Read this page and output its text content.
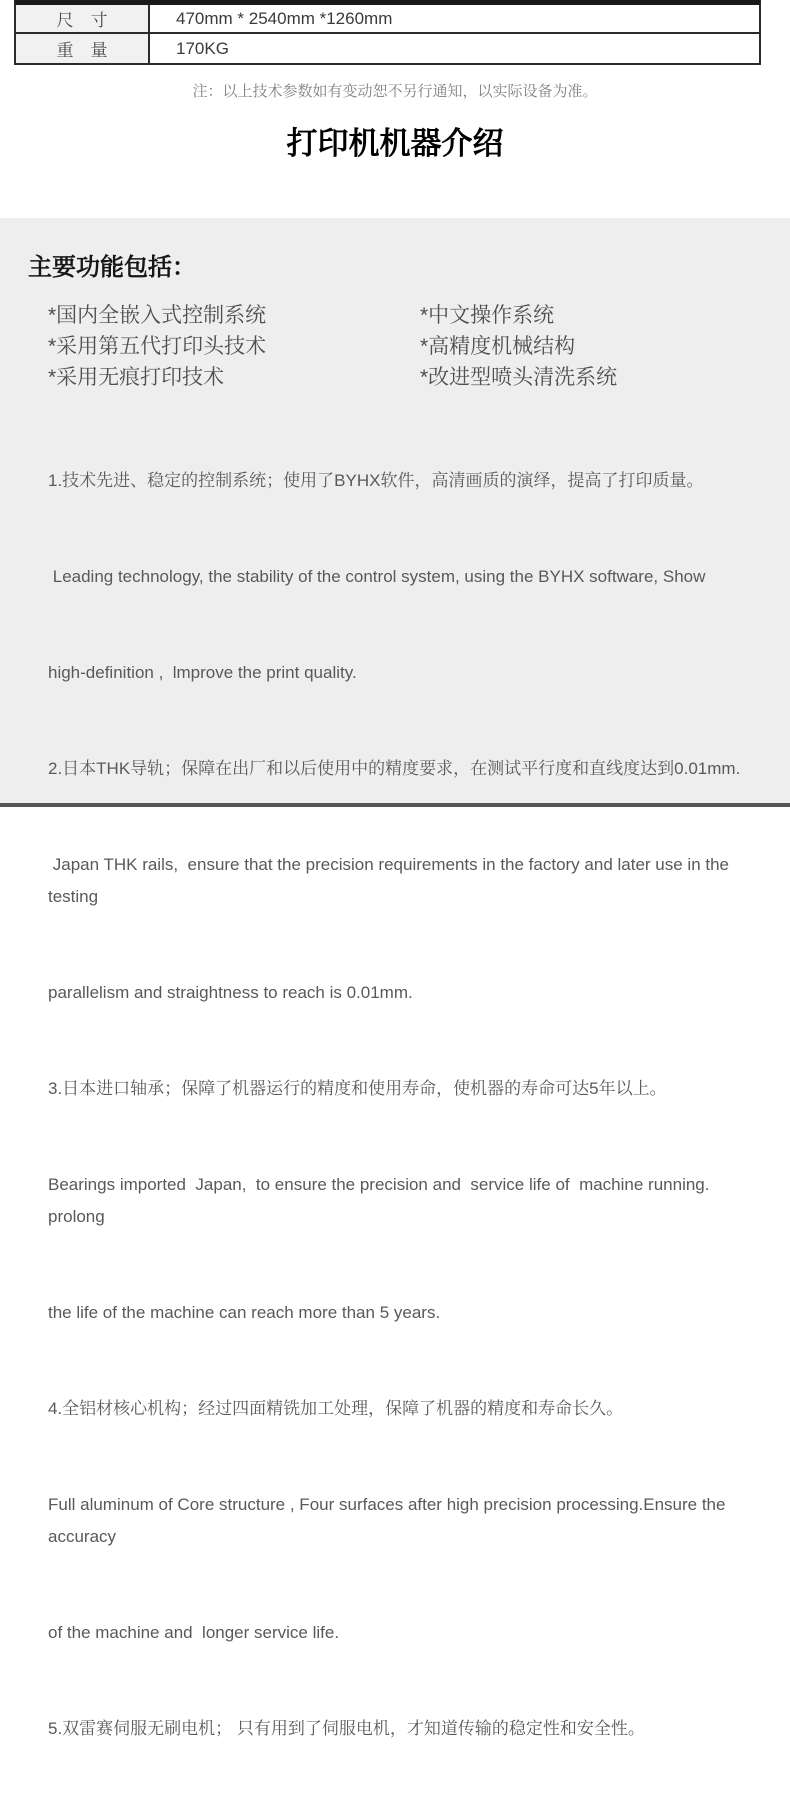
尺　寸	470mm * 2540mm *1260mm
重　量	170KG
注：以上技术参数如有变动恕不另行通知，以实际设备为准。
打印机机器介绍
主要功能包括：
*国内全嵌入式控制系统	*中文操作系统
*采用第五代打印头技术	*高精度机械结构
*采用无痕打印技术	*改进型喷头清洗系统

1.技术先进、稳定的控制系统；使用了BYHX软件，高清画质的演绎，提高了打印质量。

Leading technology, the stability of the control system, using the BYHX software, Show

high-definition ,  lmprove the print quality.

2.日本THK导轨；保障在出厂和以后使用中的精度要求，在测试平行度和直线度达到0.01mm.

Japan THK rails,  ensure that the precision requirements in the factory and later use in the testing

parallelism and straightness to reach is 0.01mm.

3.日本进口轴承；保障了机器运行的精度和使用寿命，使机器的寿命可达5年以上。

Bearings imported  Japan,  to ensure the precision and  service life of  machine running. prolong

the life of the machine can reach more than 5 years.

4.全铝材核心机构；经过四面精铣加工处理，保障了机器的精度和寿命长久。

Full aluminum of Core structure , Four surfaces after high precision processing.Ensure the accuracy

of the machine and  longer service life.

5.双雷赛伺服无刷电机； 只有用到了伺服电机，才知道传输的稳定性和安全性。
